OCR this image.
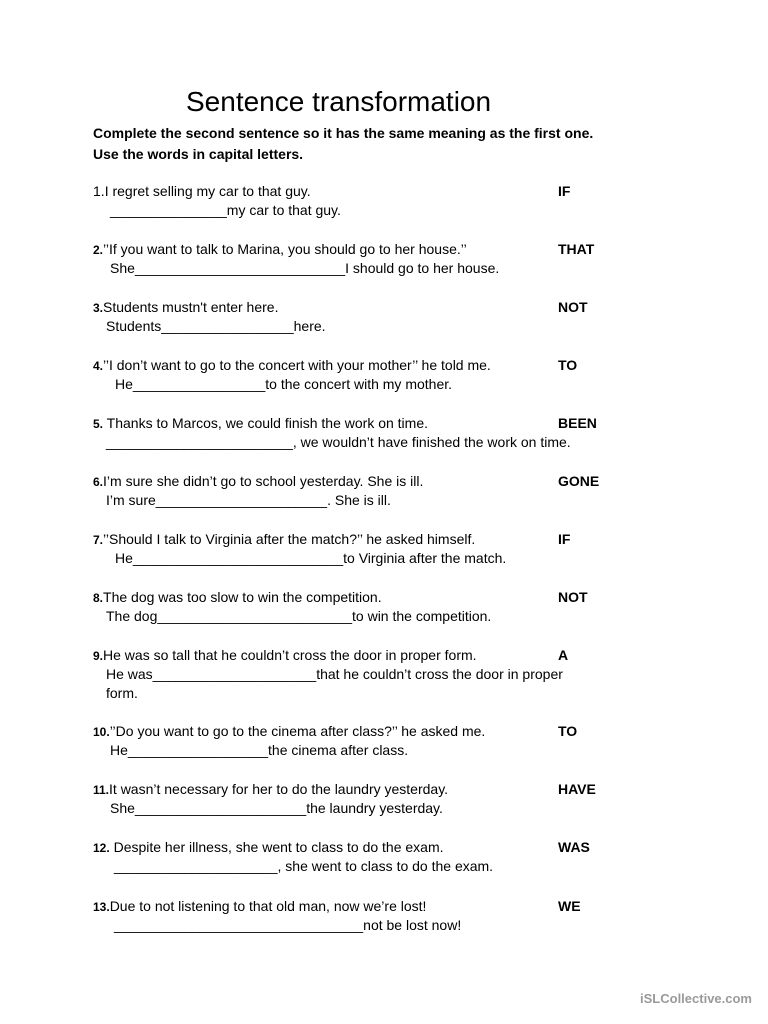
Sentence transformation
Complete the second sentence so it has the same meaning as the first one.
Use the words in capital letters.
1.I regret selling my car to that guy.	IF
_______________my car to that guy.
2.’’If you want to talk to Marina, you should go to her house.’’	THAT
She___________________________I should go to her house.
3.Students mustn't enter here.	NOT
Students_________________here.
4.’’I don’t want to go to the concert with your mother’’ he told me.	TO
He_________________to the concert with my mother.
5. Thanks to Marcos, we could finish the work on time.	BEEN
________________________, we wouldn’t have finished the work on time.
6.I’m sure she didn’t go to school yesterday. She is ill.	GONE
I’m sure______________________. She is ill.
7.’’Should I talk to Virginia after the match?’’ he asked himself.	IF
He___________________________to Virginia after the match.
8.The dog was too slow to win the competition.	NOT
The dog_________________________to win the competition.
9.He was so tall that he couldn’t cross the door in proper form.	A
He was_____________________that he couldn’t cross the door in proper
form.
10.’’Do you want to go to the cinema after class?’’ he asked me.	TO
He__________________the cinema after class.
11.It wasn’t necessary for her to do the laundry yesterday.	HAVE
She______________________the laundry yesterday.
12. Despite her illness, she went to class to do the exam.	WAS
_____________________, she went to class to do the exam.
13.Due to not listening to that old man, now we’re lost!	WE
________________________________not be lost now!
iSLCollective.com
